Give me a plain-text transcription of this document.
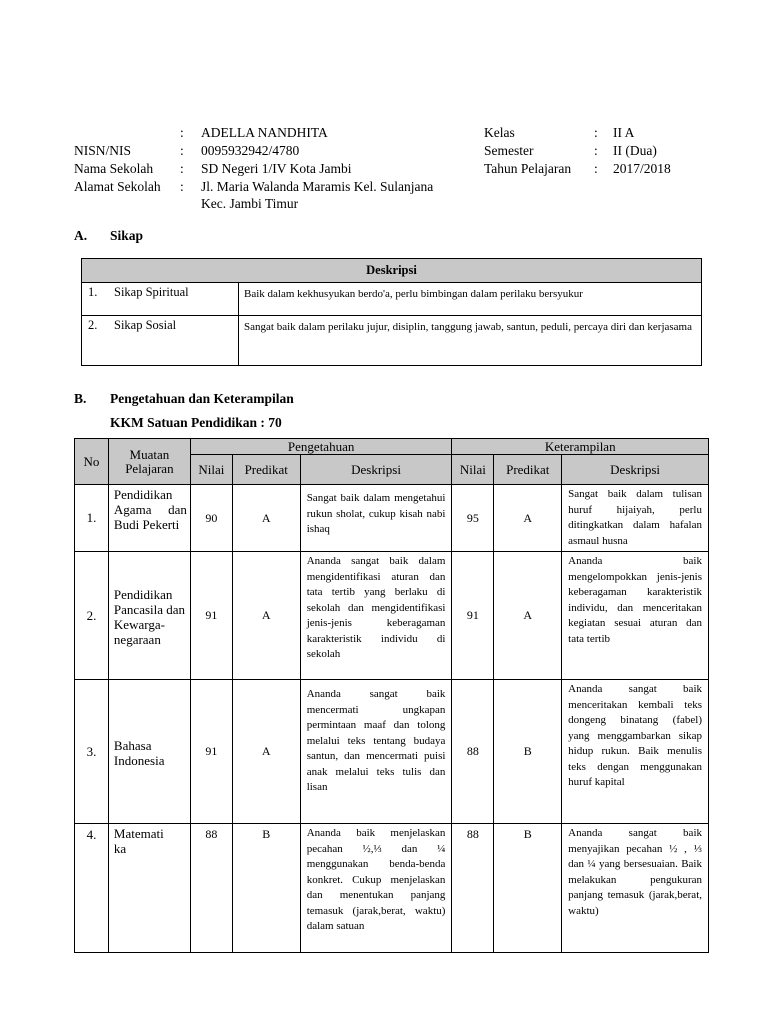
: ADELLA NANDHITA
NISN/NIS	: 0095932942/4780
Nama Sekolah : SD Negeri 1/IV Kota Jambi
Alamat Sekolah : Jl. Maria Walanda Maramis Kel. Sulanjana
Kec. Jambi Timur
Kelas	: II A
Semester	: II (Dua)
Tahun Pelajaran : 2017/2018
A. Sikap
Deskripsi		
1.	Sikap Spiritual	Baik dalam kekhusyukan berdo'a, perlu bimbingan dalam perilaku bersyukur
2.	Sikap Sosial	Sangat baik dalam perilaku jujur, disiplin, tanggung jawab, santun, peduli, percaya diri dan kerjasama
B. Pengetahuan dan Keterampilan
KKM Satuan Pendidikan : 70
No	Muatan Pelajaran	Pengetahuan			Keterampilan		
		Nilai	Predikat	Deskripsi	Nilai	Predikat	Deskripsi
1.	Pendidikan Agama dan Budi Pekerti	90	A	Sangat baik dalam mengetahui rukun sholat, cukup kisah nabi ishaq	95	A	Sangat baik dalam tulisan huruf hijaiyah, perlu ditingkatkan dalam hafalan asmaul husna
2.	Pendidikan Pancasila dan Kewarga-negaraan	91	A	Ananda sangat baik dalam mengidentifikasi aturan dan tata tertib yang berlaku di sekolah dan mengidentifikasi jenis-jenis keberagaman karakteristik individu di sekolah	91	A	Ananda baik mengelompokkan jenis-jenis keberagaman karakteristik individu, dan menceritakan kegiatan sesuai aturan dan tata tertib
3.	Bahasa Indonesia	91	A	Ananda sangat baik mencermati ungkapan permintaan maaf dan tolong melalui teks tentang budaya santun, dan mencermati puisi anak melalui teks tulis dan lisan	88	B	Ananda sangat baik menceritakan kembali teks dongeng binatang (fabel) yang menggambarkan sikap hidup rukun. Baik menulis teks dengan menggunakan huruf kapital
4.	Matematika	88	B	Ananda baik menjelaskan pecahan ½,⅓ dan ¼ menggunakan benda-benda konkret. Cukup menjelaskan dan menentukan panjang temasuk (jarak,berat, waktu) dalam satuan	88	B	Ananda sangat baik menyajikan pecahan ½ , ⅓ dan ¼ yang bersesuaian. Baik melakukan pengukuran panjang temasuk (jarak,berat, waktu)
